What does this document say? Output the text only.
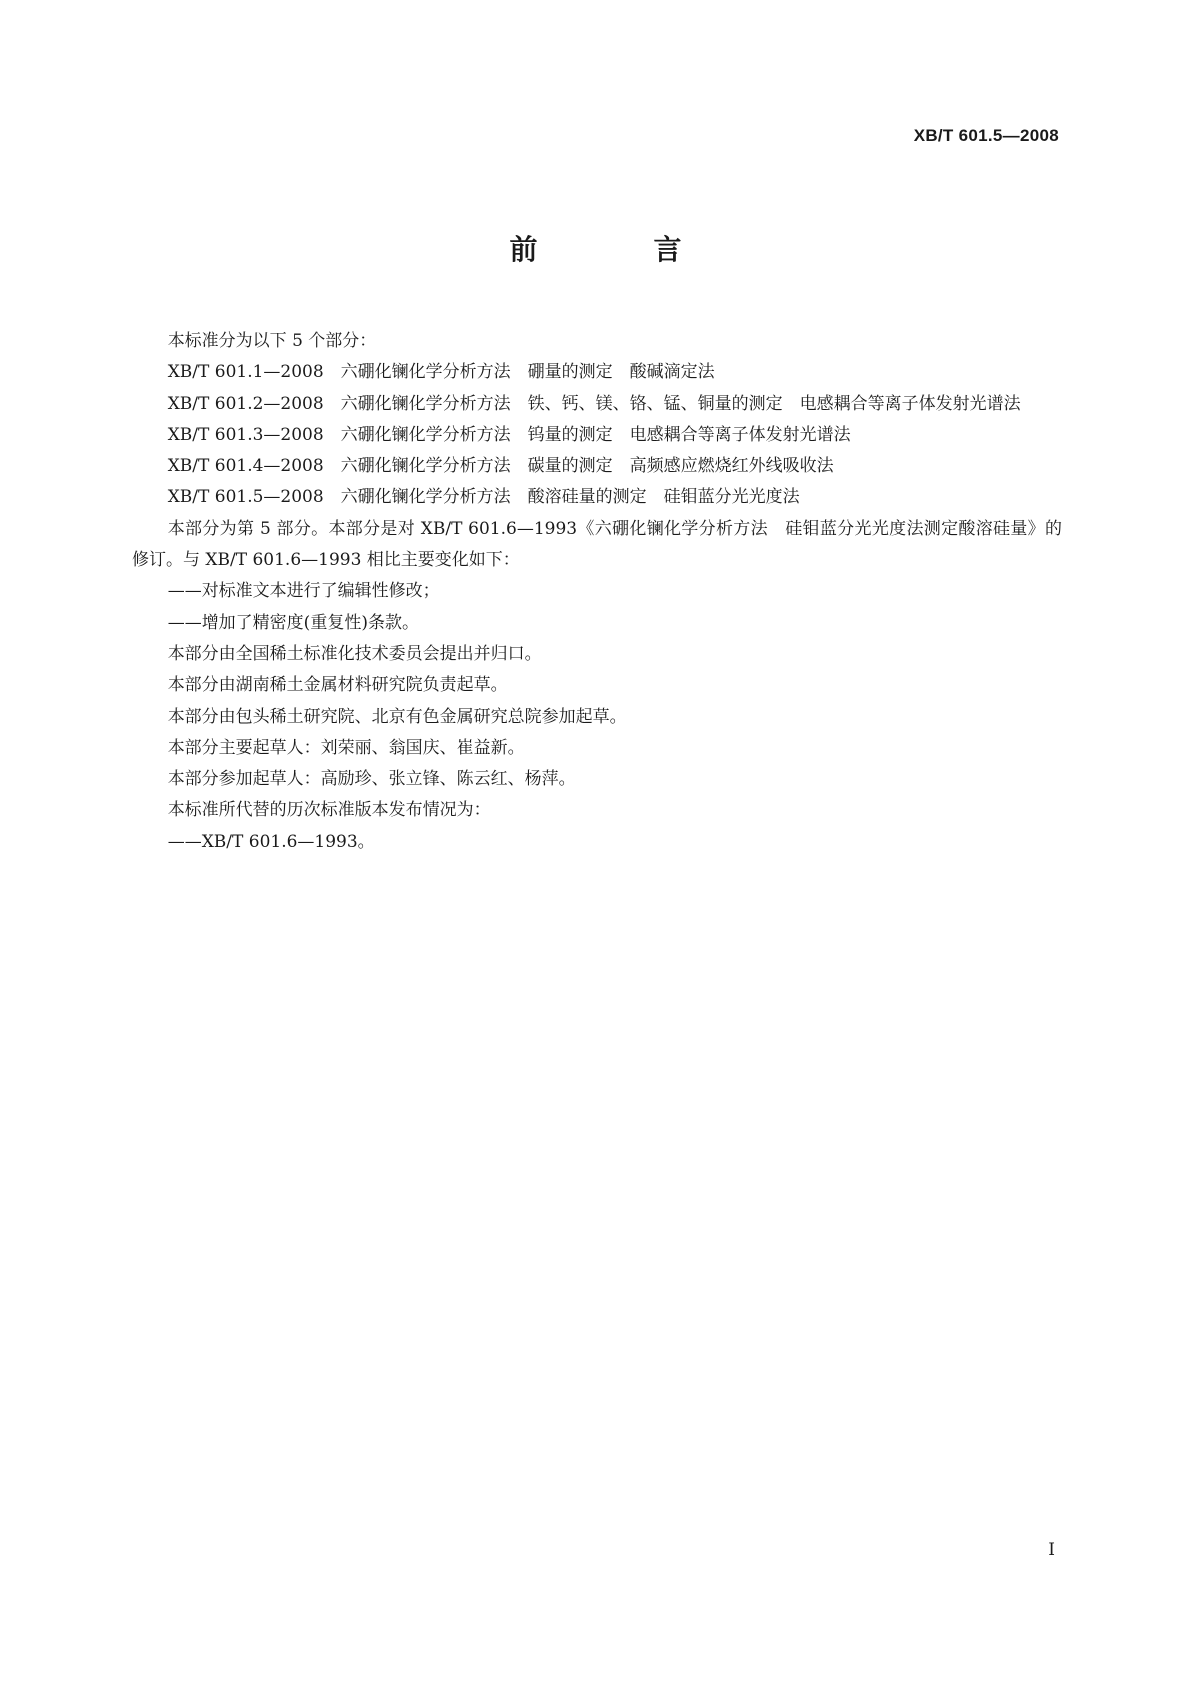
XB/T 601.5—2008
前　言

本标准分为以下 5 个部分：

XB/T 601.1—2008　六硼化镧化学分析方法　硼量的测定　酸碱滴定法

XB/T 601.2—2008　六硼化镧化学分析方法　铁、钙、镁、铬、锰、铜量的测定　电感耦合等离子体发射光谱法

XB/T 601.3—2008　六硼化镧化学分析方法　钨量的测定　电感耦合等离子体发射光谱法

XB/T 601.4—2008　六硼化镧化学分析方法　碳量的测定　高频感应燃烧红外线吸收法

XB/T 601.5—2008　六硼化镧化学分析方法　酸溶硅量的测定　硅钼蓝分光光度法

本部分为第 5 部分。本部分是对 XB/T 601.6—1993《六硼化镧化学分析方法　硅钼蓝分光光度法测定酸溶硅量》的修订。与 XB/T 601.6—1993 相比主要变化如下：

——对标准文本进行了编辑性修改；

——增加了精密度(重复性)条款。

本部分由全国稀土标准化技术委员会提出并归口。

本部分由湖南稀土金属材料研究院负责起草。

本部分由包头稀土研究院、北京有色金属研究总院参加起草。

本部分主要起草人：刘荣丽、翁国庆、崔益新。

本部分参加起草人：高励珍、张立锋、陈云红、杨萍。

本标准所代替的历次标准版本发布情况为：

——XB/T 601.6—1993。

I
